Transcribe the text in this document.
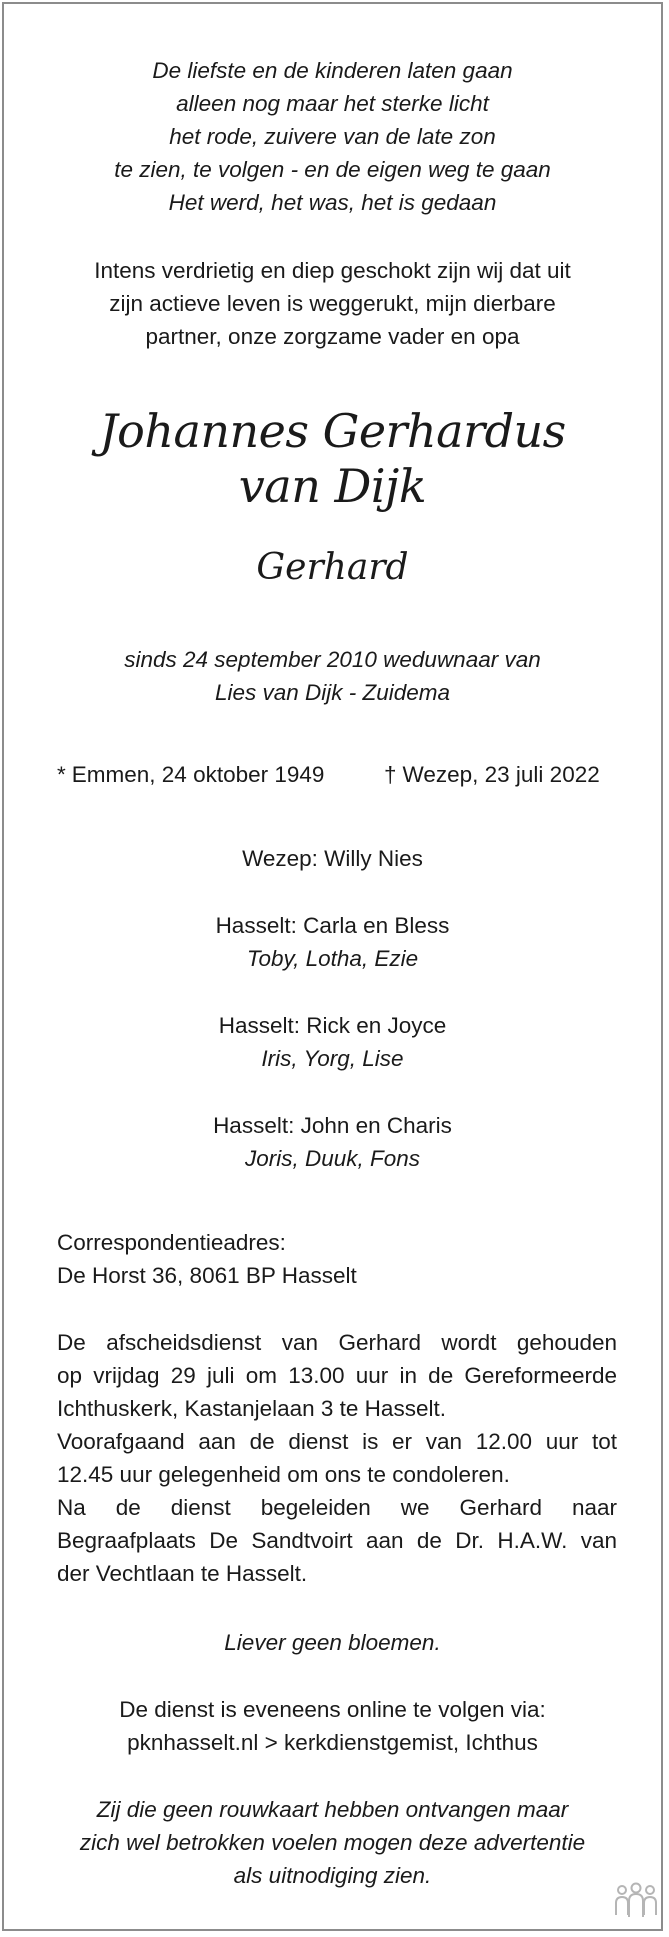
De liefste en de kinderen laten gaan
alleen nog maar het sterke licht
het rode, zuivere van de late zon
te zien, te volgen - en de eigen weg te gaan
Het werd, het was, het is gedaan
Intens verdrietig en diep geschokt zijn wij dat uit
zijn actieve leven is weggerukt, mijn dierbare
partner, onze zorgzame vader en opa
Johannes Gerhardus
van Dijk
Gerhard
sinds 24 september 2010 weduwnaar van
Lies van Dijk - Zuidema
* Emmen, 24 oktober 1949	† Wezep, 23 juli 2022
Wezep: Willy Nies
Hasselt: Carla en Bless
Toby, Lotha, Ezie
Hasselt: Rick en Joyce
Iris, Yorg, Lise
Hasselt: John en Charis
Joris, Duuk, Fons
Correspondentieadres:
De Horst 36, 8061 BP Hasselt
De afscheidsdienst van Gerhard wordt gehouden
op vrijdag 29 juli om 13.00 uur in de Gereformeerde
Ichthuskerk, Kastanjelaan 3 te Hasselt.
Voorafgaand aan de dienst is er van 12.00 uur tot
12.45 uur gelegenheid om ons te condoleren.
Na de dienst begeleiden we Gerhard naar
Begraafplaats De Sandtvoirt aan de Dr. H.A.W. van
der Vechtlaan te Hasselt.
Liever geen bloemen.
De dienst is eveneens online te volgen via:
pknhasselt.nl > kerkdienstgemist, Ichthus
Zij die geen rouwkaart hebben ontvangen maar
zich wel betrokken voelen mogen deze advertentie
als uitnodiging zien.
